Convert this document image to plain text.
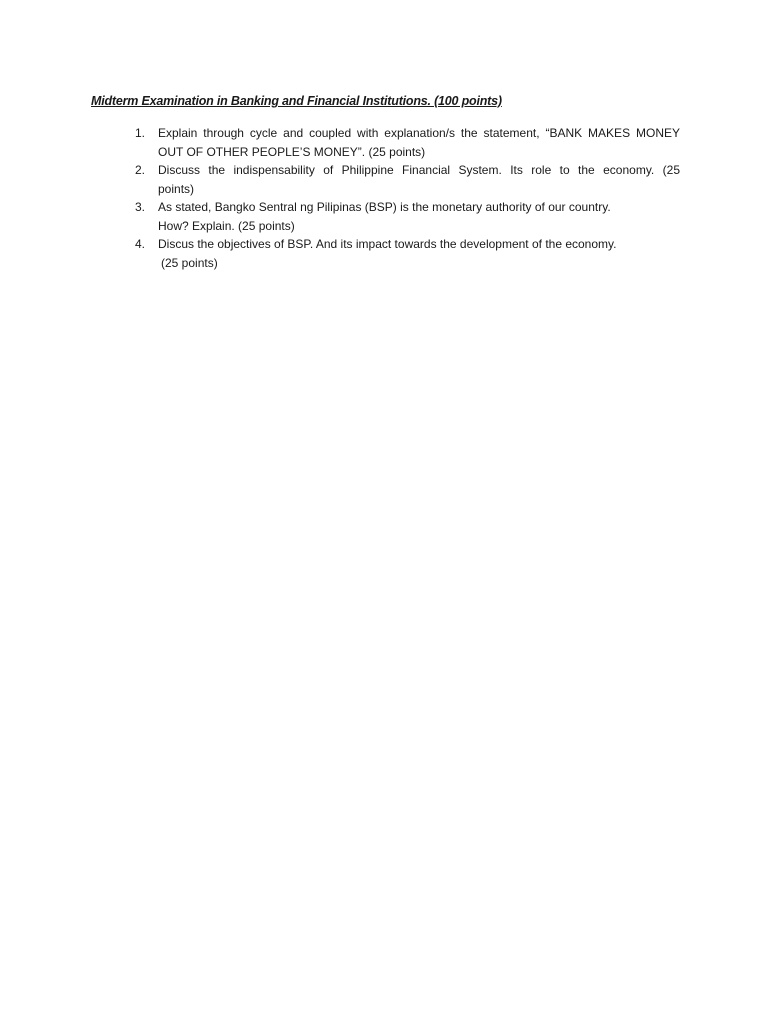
Midterm Examination in Banking and Financial Institutions. (100 points)
1.	Explain through cycle and coupled with explanation/s the statement, “BANK MAKES MONEY
OUT OF OTHER PEOPLE’S MONEY”. (25 points)
2.	Discuss the indispensability of Philippine Financial System. Its role to the economy. (25
points)
3.	As stated, Bangko Sentral ng Pilipinas (BSP) is the monetary authority of our country.
How? Explain. (25 points)
4.	Discus the objectives of BSP. And its impact towards the development of the economy.
(25 points)
